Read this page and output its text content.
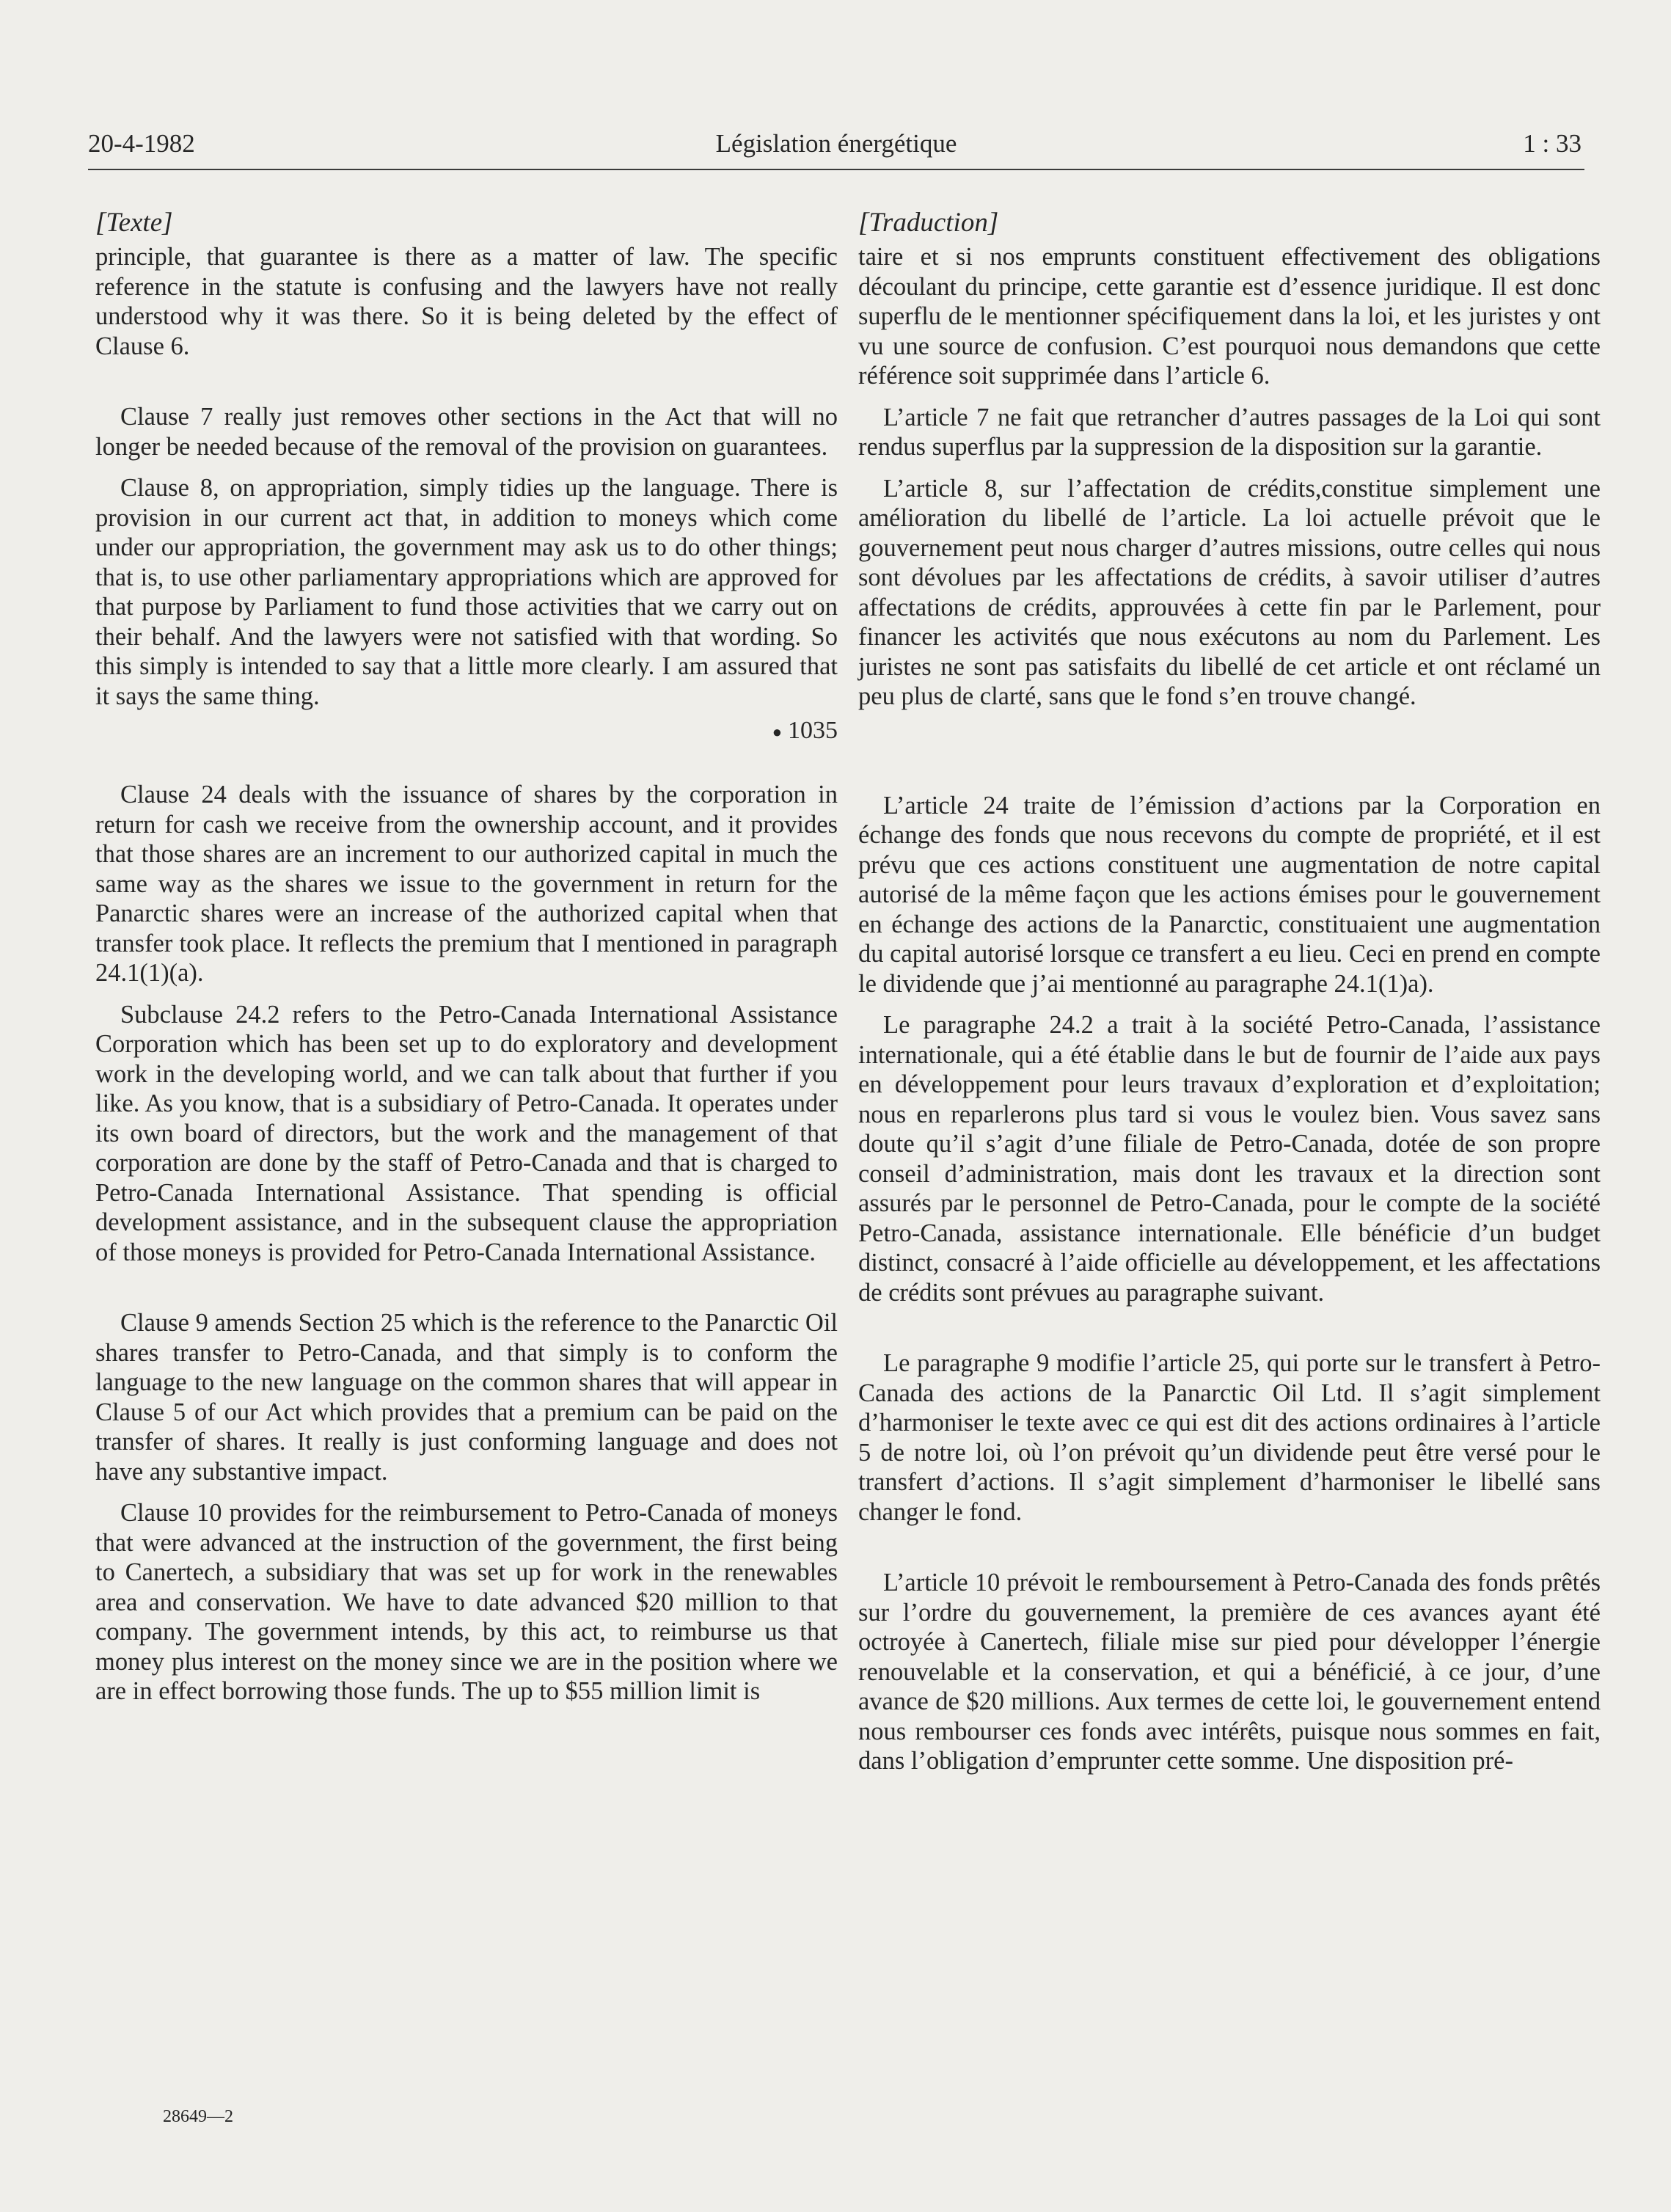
20-4-1982	Législation énergétique	1 : 33
[Texte]

principle, that guarantee is there as a matter of law. The specific reference in the statute is confusing and the lawyers have not really understood why it was there. So it is being deleted by the effect of Clause 6.

Clause 7 really just removes other sections in the Act that will no longer be needed because of the removal of the provision on guarantees.

Clause 8, on appropriation, simply tidies up the language. There is provision in our current act that, in addition to moneys which come under our appropriation, the government may ask us to do other things; that is, to use other parliamentary appropriations which are approved for that purpose by Parliament to fund those activities that we carry out on their behalf. And the lawyers were not satisfied with that wording. So this simply is intended to say that a little more clearly. I am assured that it says the same thing.

● 1035

Clause 24 deals with the issuance of shares by the corporation in return for cash we receive from the ownership account, and it provides that those shares are an increment to our authorized capital in much the same way as the shares we issue to the government in return for the Panarctic shares were an increase of the authorized capital when that transfer took place. It reflects the premium that I mentioned in paragraph 24.1(1)(a).

Subclause 24.2 refers to the Petro-Canada International Assistance Corporation which has been set up to do exploratory and development work in the developing world, and we can talk about that further if you like. As you know, that is a subsidiary of Petro-Canada. It operates under its own board of directors, but the work and the management of that corporation are done by the staff of Petro-Canada and that is charged to Petro-Canada International Assistance. That spending is official development assistance, and in the subsequent clause the appropriation of those moneys is provided for Petro-Canada International Assistance.

Clause 9 amends Section 25 which is the reference to the Panarctic Oil shares transfer to Petro-Canada, and that simply is to conform the language to the new language on the common shares that will appear in Clause 5 of our Act which provides that a premium can be paid on the transfer of shares. It really is just conforming language and does not have any substantive impact.

Clause 10 provides for the reimbursement to Petro-Canada of moneys that were advanced at the instruction of the government, the first being to Canertech, a subsidiary that was set up for work in the renewables area and conservation. We have to date advanced $20 million to that company. The government intends, by this act, to reimburse us that money plus interest on the money since we are in the position where we are in effect borrowing those funds. The up to $55 million limit is

[Traduction]

taire et si nos emprunts constituent effectivement des obligations découlant du principe, cette garantie est d’essence juridique. Il est donc superflu de le mentionner spécifiquement dans la loi, et les juristes y ont vu une source de confusion. C’est pourquoi nous demandons que cette référence soit supprimée dans l’article 6.

L’article 7 ne fait que retrancher d’autres passages de la Loi qui sont rendus superflus par la suppression de la disposition sur la garantie.

L’article 8, sur l’affectation de crédits,constitue simplement une amélioration du libellé de l’article. La loi actuelle prévoit que le gouvernement peut nous charger d’autres missions, outre celles qui nous sont dévolues par les affectations de crédits, à savoir utiliser d’autres affectations de crédits, approuvées à cette fin par le Parlement, pour financer les activités que nous exécutons au nom du Parlement. Les juristes ne sont pas satisfaits du libellé de cet article et ont réclamé un peu plus de clarté, sans que le fond s’en trouve changé.

L’article 24 traite de l’émission d’actions par la Corporation en échange des fonds que nous recevons du compte de propriété, et il est prévu que ces actions constituent une augmentation de notre capital autorisé de la même façon que les actions émises pour le gouvernement en échange des actions de la Panarctic, constituaient une augmentation du capital autorisé lorsque ce transfert a eu lieu. Ceci en prend en compte le dividende que j’ai mentionné au paragraphe 24.1(1)a).

Le paragraphe 24.2 a trait à la société Petro-Canada, l’assistance internationale, qui a été établie dans le but de fournir de l’aide aux pays en développement pour leurs travaux d’exploration et d’exploitation; nous en reparlerons plus tard si vous le voulez bien. Vous savez sans doute qu’il s’agit d’une filiale de Petro-Canada, dotée de son propre conseil d’administration, mais dont les travaux et la direction sont assurés par le personnel de Petro-Canada, pour le compte de la société Petro-Canada, assistance internationale. Elle bénéficie d’un budget distinct, consacré à l’aide officielle au développement, et les affectations de crédits sont prévues au paragraphe suivant.

Le paragraphe 9 modifie l’article 25, qui porte sur le transfert à Petro-Canada des actions de la Panarctic Oil Ltd. Il s’agit simplement d’harmoniser le texte avec ce qui est dit des actions ordinaires à l’article 5 de notre loi, où l’on prévoit qu’un dividende peut être versé pour le transfert d’actions. Il s’agit simplement d’harmoniser le libellé sans changer le fond.

L’article 10 prévoit le remboursement à Petro-Canada des fonds prêtés sur l’ordre du gouvernement, la première de ces avances ayant été octroyée à Canertech, filiale mise sur pied pour développer l’énergie renouvelable et la conservation, et qui a bénéficié, à ce jour, d’une avance de $20 millions. Aux termes de cette loi, le gouvernement entend nous rembourser ces fonds avec intérêts, puisque nous sommes en fait, dans l’obligation d’emprunter cette somme. Une disposition pré-

28649—2
